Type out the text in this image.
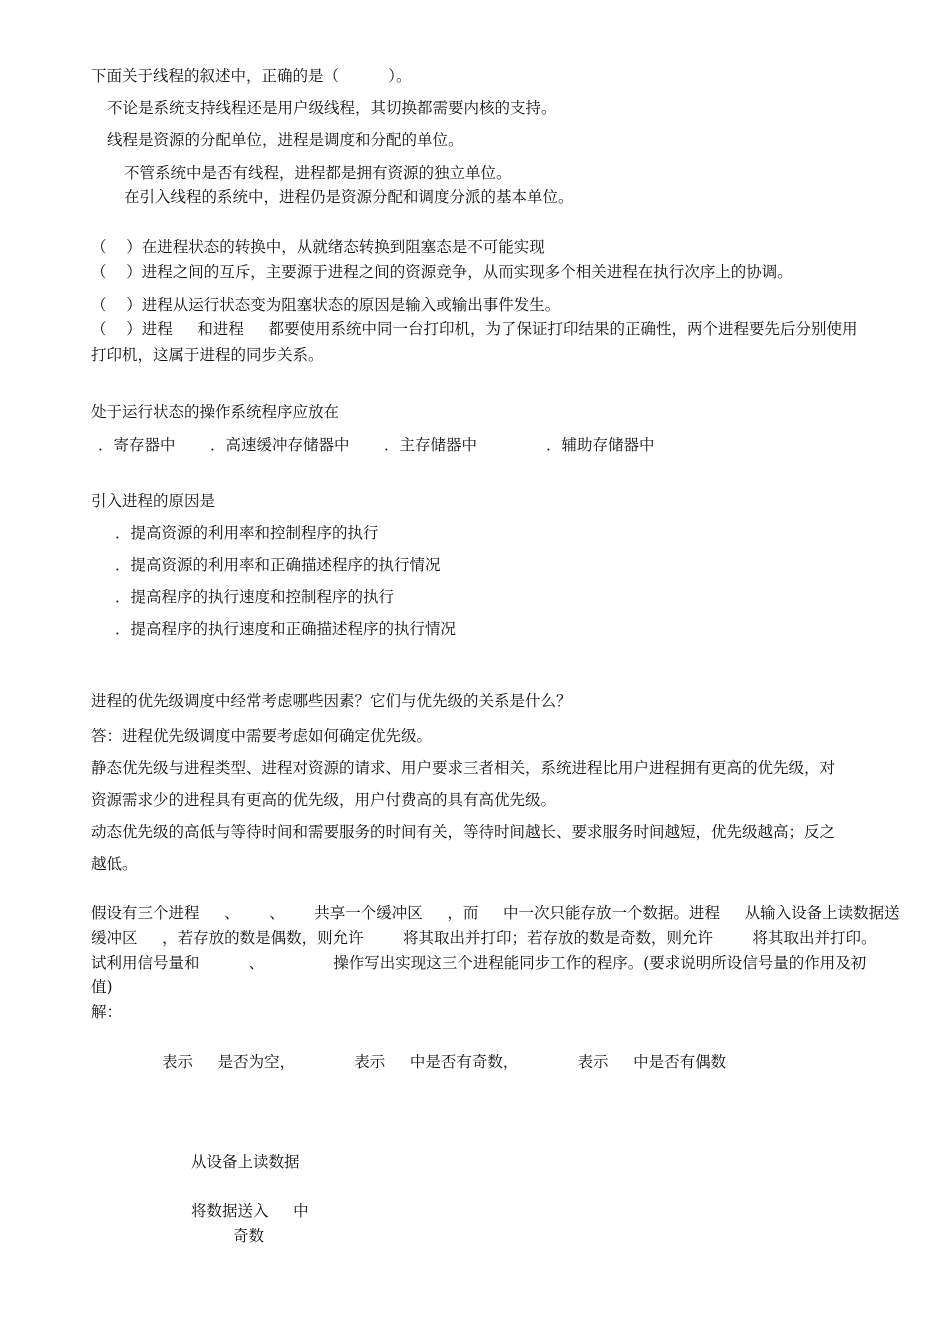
下面关于线程的叙述中，正确的是（          ）。
不论是系统支持线程还是用户级线程，其切换都需要内核的支持。
线程是资源的分配单位，进程是调度和分配的单位。
不管系统中是否有线程，进程都是拥有资源的独立单位。
在引入线程的系统中，进程仍是资源分配和调度分派的基本单位。
（    ）在进程状态的转换中，从就绪态转换到阻塞态是不可能实现
（    ）进程之间的互斥，主要源于进程之间的资源竞争，从而实现多个相关进程在执行次序上的协调。
（    ）进程从运行状态变为阻塞状态的原因是输入或输出事件发生。
（    ）进程     和进程     都要使用系统中同一台打印机，为了保证打印结果的正确性，两个进程要先后分别使用
打印机，这属于进程的同步关系。
处于运行状态的操作系统程序应放在
．寄存器中       ．高速缓冲存储器中       ．主存储器中              ．辅助存储器中
引入进程的原因是
．提高资源的利用率和控制程序的执行
．提高资源的利用率和正确描述程序的执行情况
．提高程序的执行速度和控制程序的执行
．提高程序的执行速度和正确描述程序的执行情况
进程的优先级调度中经常考虑哪些因素？它们与优先级的关系是什么？
答：进程优先级调度中需要考虑如何确定优先级。
静态优先级与进程类型、进程对资源的请求、用户要求三者相关，系统进程比用户进程拥有更高的优先级，对
资源需求少的进程具有更高的优先级，用户付费高的具有高优先级。
动态优先级的高低与等待时间和需要服务的时间有关，等待时间越长、要求服务时间越短，优先级越高；反之
越低。
假设有三个进程     、      、      共享一个缓冲区     ，而     中一次只能存放一个数据。进程     从输入设备上读数据送
缓冲区     ，若存放的数是偶数，则允许        将其取出并打印；若存放的数是奇数，则允许        将其取出并打印。
试利用信号量和          、              操作写出实现这三个进程能同步工作的程序。(要求说明所设信号量的作用及初
值)
解：
表示     是否为空，            表示     中是否有奇数，            表示     中是否有偶数
从设备上读数据
将数据送入     中
奇数
